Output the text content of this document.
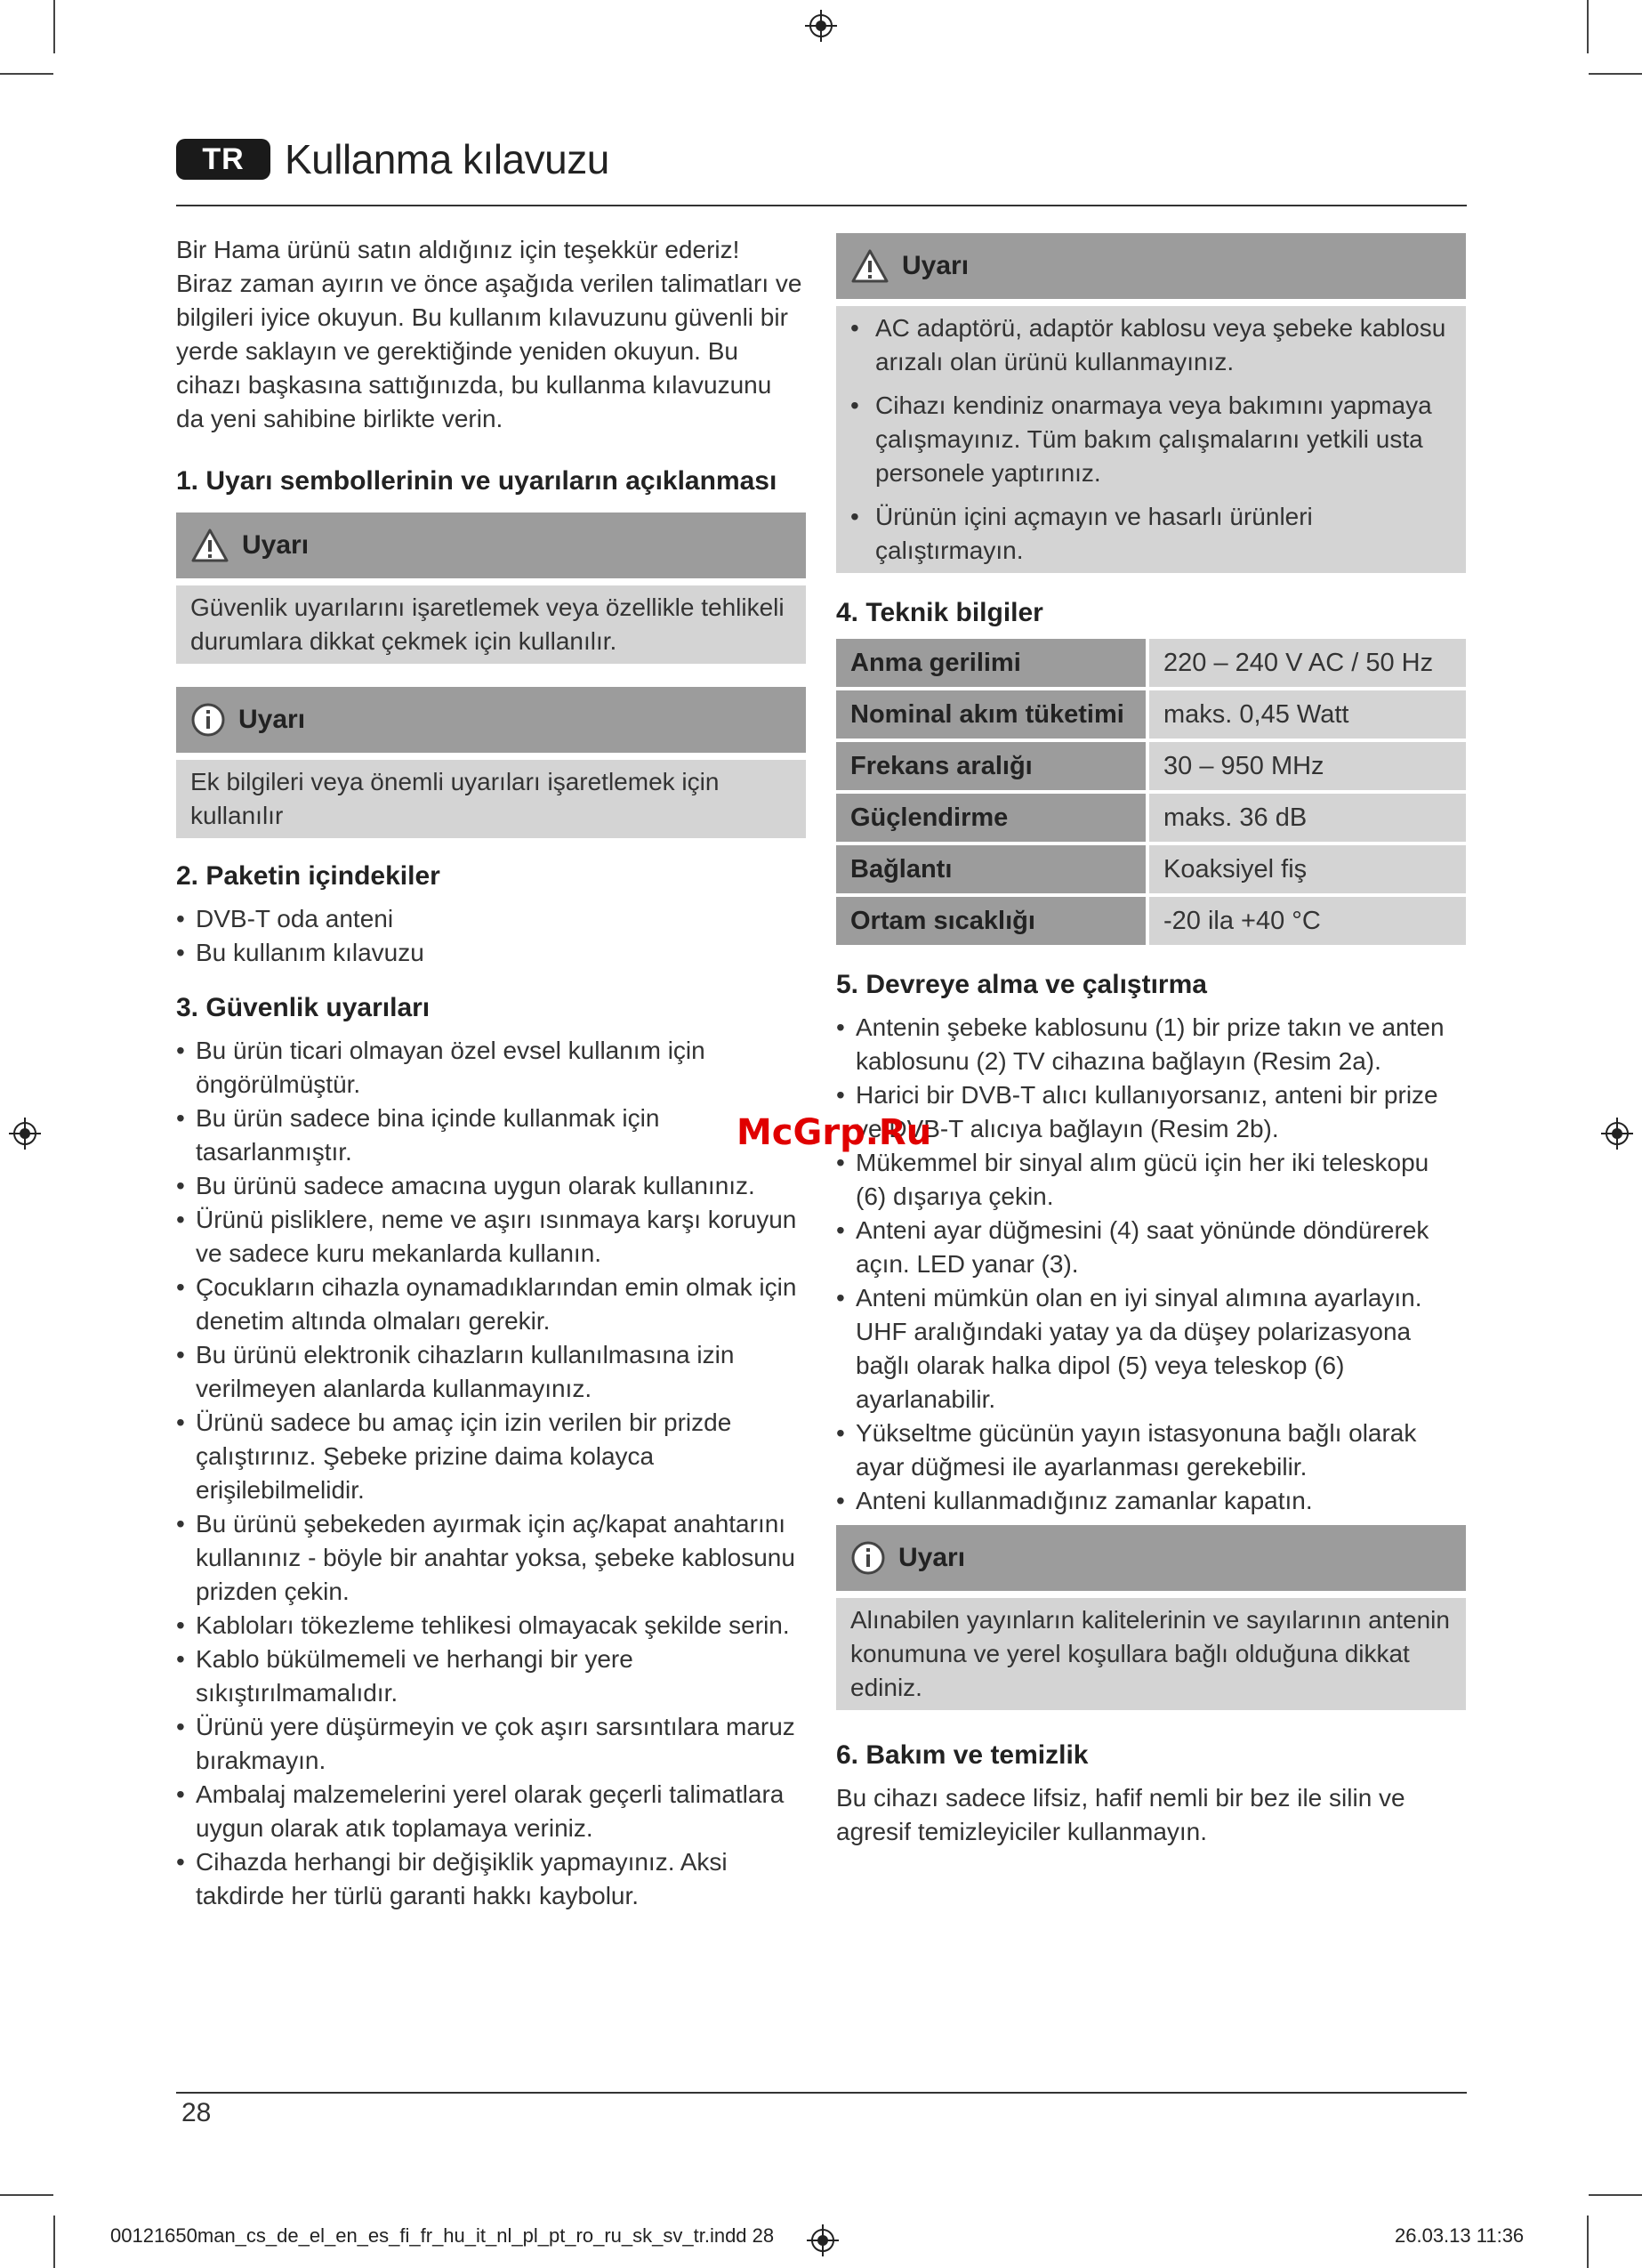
TR Kullanma kılavuzu

Bir Hama ürünü satın aldığınız için teşekkür ederiz!

Biraz zaman ayırın ve önce aşağıda verilen talimatları ve bilgileri iyice okuyun. Bu kullanım kılavuzunu güvenli bir yerde saklayın ve gerektiğinde yeniden okuyun. Bu cihazı başkasına sattığınızda, bu kullanma kılavuzunu da yeni sahibine birlikte verin.

1. Uyarı sembollerinin ve uyarıların açıklanması
Uyarı
Güvenlik uyarılarını işaretlemek veya özellikle tehlikeli durumlara dikkat çekmek için kullanılır.
Uyarı
Ek bilgileri veya önemli uyarıları işaretlemek için kullanılır
2. Paketin içindekiler
• DVB-T oda anteni
• Bu kullanım kılavuzu
3. Güvenlik uyarıları
• Bu ürün ticari olmayan özel evsel kullanım için öngörülmüştür.
• Bu ürün sadece bina içinde kullanmak için tasarlanmıştır.
• Bu ürünü sadece amacına uygun olarak kullanınız.
• Ürünü pisliklere, neme ve aşırı ısınmaya karşı koruyun ve sadece kuru mekanlarda kullanın.
• Çocukların cihazla oynamadıklarından emin olmak için denetim altında olmaları gerekir.
• Bu ürünü elektronik cihazların kullanılmasına izin verilmeyen alanlarda kullanmayınız.
• Ürünü sadece bu amaç için izin verilen bir prizde çalıştırınız. Şebeke prizine daima kolayca erişilebilmelidir.
• Bu ürünü şebekeden ayırmak için aç/kapat anahtarını kullanınız - böyle bir anahtar yoksa, şebeke kablosunu prizden çekin.
• Kabloları tökezleme tehlikesi olmayacak şekilde serin.
• Kablo bükülmemeli ve herhangi bir yere sıkıştırılmamalıdır.
• Ürünü yere düşürmeyin ve çok aşırı sarsıntılara maruz bırakmayın.
• Ambalaj malzemelerini yerel olarak geçerli talimatlara uygun olarak atık toplamaya veriniz.
• Cihazda herhangi bir değişiklik yapmayınız. Aksi takdirde her türlü garanti hakkı kaybolur.
Uyarı
• AC adaptörü, adaptör kablosu veya şebeke kablosu arızalı olan ürünü kullanmayınız.
• Cihazı kendiniz onarmaya veya bakımını yapmaya çalışmayınız. Tüm bakım çalışmalarını yetkili usta personele yaptırınız.
• Ürünün içini açmayın ve hasarlı ürünleri çalıştırmayın.
4. Teknik bilgiler
Anma gerilimi	220 – 240 V AC / 50 Hz
Nominal akım tüketimi	maks. 0,45 Watt
Frekans aralığı	30 – 950 MHz
Güçlendirme	maks. 36 dB
Bağlantı	Koaksiyel fiş
Ortam sıcaklığı	-20 ila +40 °C
5. Devreye alma ve çalıştırma
• Antenin şebeke kablosunu (1) bir prize takın ve anten kablosunu (2) TV cihazına bağlayın (Resim 2a).
• Harici bir DVB-T alıcı kullanıyorsanız, anteni bir prize ve DVB-T alıcıya bağlayın (Resim 2b).
• Mükemmel bir sinyal alım gücü için her iki teleskopu (6) dışarıya çekin.
• Anteni ayar düğmesini (4) saat yönünde döndürerek açın. LED yanar (3).
• Anteni mümkün olan en iyi sinyal alımına ayarlayın. UHF aralığındaki yatay ya da düşey polarizasyona bağlı olarak halka dipol (5) veya teleskop (6) ayarlanabilir.
• Yükseltme gücünün yayın istasyonuna bağlı olarak ayar düğmesi ile ayarlanması gerekebilir.
• Anteni kullanmadığınız zamanlar kapatın.
Uyarı
Alınabilen yayınların kalitelerinin ve sayılarının antenin konumuna ve yerel koşullara bağlı olduğuna dikkat ediniz.
6. Bakım ve temizlik

Bu cihazı sadece lifsiz, hafif nemli bir bez ile silin ve agresif temizleyiciler kullanmayın.

McGrp.Ru
28
00121650man_cs_de_el_en_es_fi_fr_hu_it_nl_pl_pt_ro_ru_sk_sv_tr.indd 28	26.03.13 11:36
